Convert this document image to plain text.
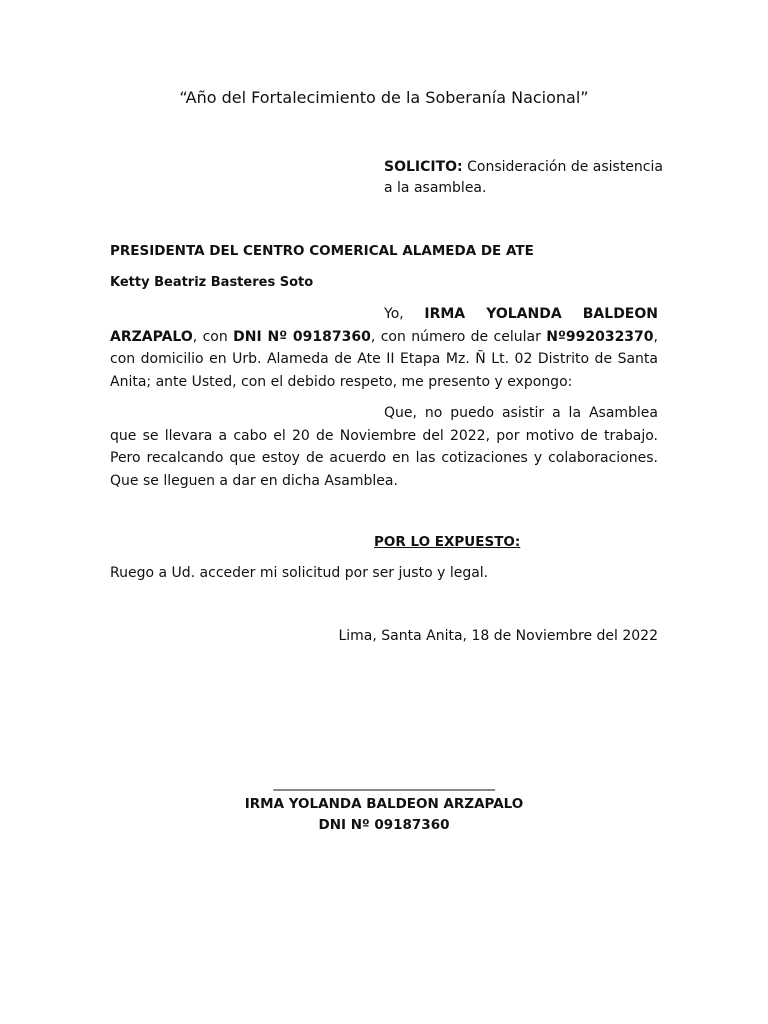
“Año del Fortalecimiento de la Soberanía Nacional”
SOLICITO: Consideración de asistencia a la asamblea.
PRESIDENTA DEL CENTRO COMERICAL ALAMEDA DE ATE
Ketty Beatriz Basteres Soto
Yo, IRMA YOLANDA BALDEON ARZAPALO, con DNI Nº 09187360, con número de celular Nº992032370, con domicilio en Urb. Alameda de Ate II Etapa Mz. Ñ Lt. 02 Distrito de Santa Anita; ante Usted, con el debido respeto, me presento y expongo:
Que, no puedo asistir a la Asamblea que se llevara a cabo el 20 de Noviembre del 2022, por motivo de trabajo. Pero recalcando que estoy de acuerdo en las cotizaciones y colaboraciones. Que se lleguen a dar en dicha Asamblea.
POR LO EXPUESTO:
Ruego a Ud. acceder mi solicitud por ser justo y legal.
Lima, Santa Anita, 18 de Noviembre del 2022
__________________________________
IRMA YOLANDA BALDEON ARZAPALO
DNI Nº 09187360
